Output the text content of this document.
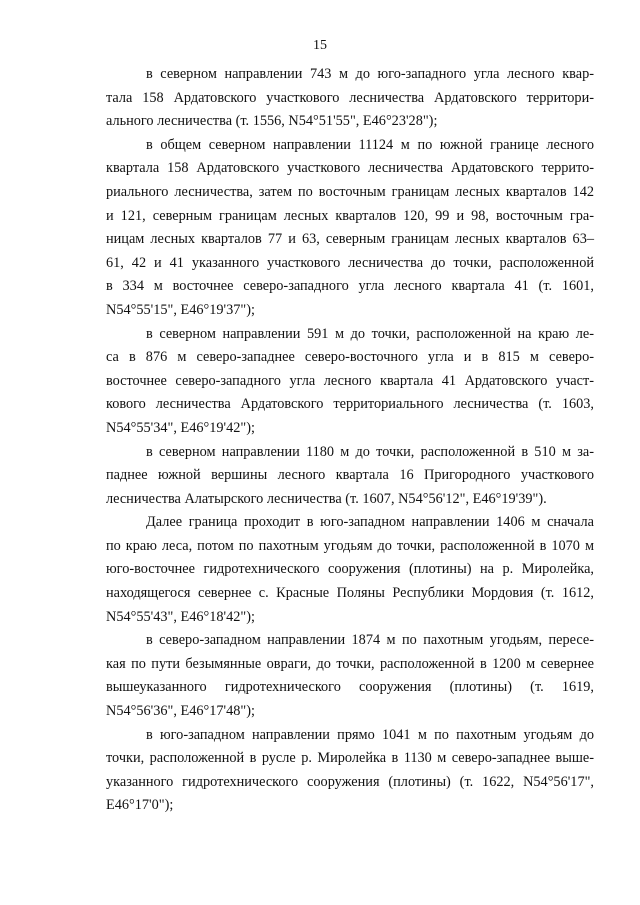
15

в северном направлении 743 м до юго-западного угла лесного квар-
тала 158 Ардатовского участкового лесничества Ардатовского территори-
ального лесничества (т. 1556, N54°51'55", E46°23'28");

в общем северном направлении 11124 м по южной границе лесного
квартала 158 Ардатовского участкового лесничества Ардатовского террито-
риального лесничества, затем по восточным границам лесных кварталов 142
и 121, северным границам лесных кварталов 120, 99 и 98, восточным гра-
ницам лесных кварталов 77 и 63, северным границам лесных кварталов 63–
61, 42 и 41 указанного участкового лесничества до точки, расположенной
в 334 м восточнее северо-западного угла лесного квартала 41 (т. 1601,
N54°55'15", E46°19'37");

в северном направлении 591 м до точки, расположенной на краю ле-
са в 876 м северо-западнее северо-восточного угла и в 815 м северо-
восточнее северо-западного угла лесного квартала 41 Ардатовского участ-
кового лесничества Ардатовского территориального лесничества (т. 1603,
N54°55'34", E46°19'42");

в северном направлении 1180 м до точки, расположенной в 510 м за-
паднее южной вершины лесного квартала 16 Пригородного участкового
лесничества Алатырского лесничества (т. 1607, N54°56'12", E46°19'39").

Далее граница проходит в юго-западном направлении 1406 м сначала
по краю леса, потом по пахотным угодьям до точки, расположенной в 1070 м
юго-восточнее гидротехнического сооружения (плотины) на р. Миролейка,
находящегося севернее с. Красные Поляны Республики Мордовия (т. 1612,
N54°55'43", E46°18'42");

в северо-западном направлении 1874 м по пахотным угодьям, пересе-
кая по пути безымянные овраги, до точки, расположенной в 1200 м севернее
вышеуказанного гидротехнического сооружения (плотины) (т. 1619,
N54°56'36", E46°17'48");

в юго-западном направлении прямо 1041 м по пахотным угодьям до
точки, расположенной в русле р. Миролейка в 1130 м северо-западнее выше-
указанного гидротехнического сооружения (плотины) (т. 1622, N54°56'17",
E46°17'0");
